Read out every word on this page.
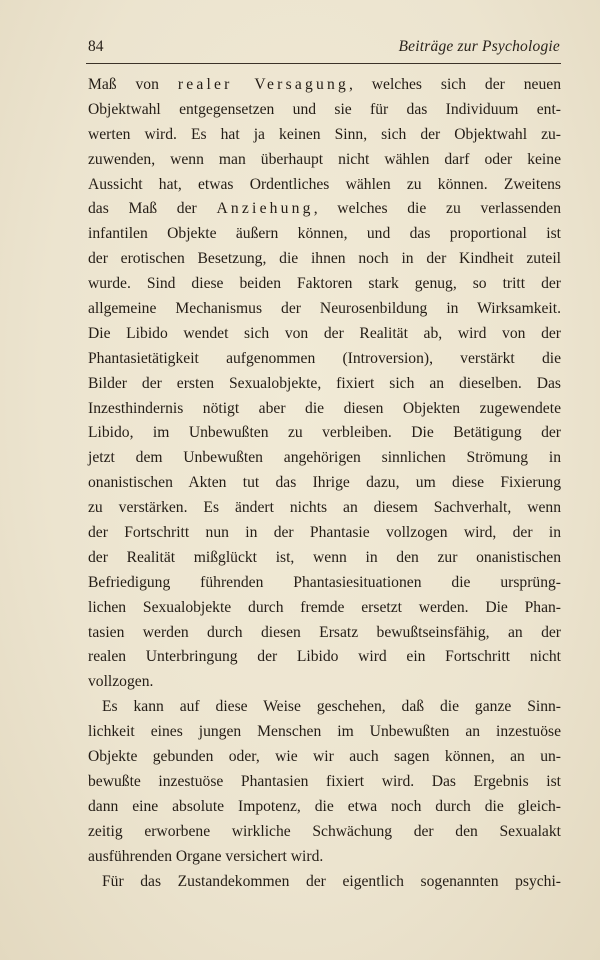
84	Beiträge zur Psychologie
Maß von realer Versagung, welches sich der neuen
Objektwahl entgegensetzen und sie für das Individuum ent-
werten wird. Es hat ja keinen Sinn, sich der Objektwahl zu-
zuwenden, wenn man überhaupt nicht wählen darf oder keine
Aussicht hat, etwas Ordentliches wählen zu können. Zweitens
das Maß der Anziehung, welches die zu verlassenden
infantilen Objekte äußern können, und das proportional ist
der erotischen Besetzung, die ihnen noch in der Kindheit zuteil
wurde. Sind diese beiden Faktoren stark genug, so tritt der
allgemeine Mechanismus der Neurosenbildung in Wirksamkeit.
Die Libido wendet sich von der Realität ab, wird von der
Phantasietätigkeit aufgenommen (Introversion), verstärkt die
Bilder der ersten Sexualobjekte, fixiert sich an dieselben. Das
Inzesthindernis nötigt aber die diesen Objekten zugewendete
Libido, im Unbewußten zu verbleiben. Die Betätigung der
jetzt dem Unbewußten angehörigen sinnlichen Strömung in
onanistischen Akten tut das Ihrige dazu, um diese Fixierung
zu verstärken. Es ändert nichts an diesem Sachverhalt, wenn
der Fortschritt nun in der Phantasie vollzogen wird, der in
der Realität mißglückt ist, wenn in den zur onanistischen
Befriedigung führenden Phantasiesituationen die ursprüng-
lichen Sexualobjekte durch fremde ersetzt werden. Die Phan-
tasien werden durch diesen Ersatz bewußtseinsfähig, an der
realen Unterbringung der Libido wird ein Fortschritt nicht
vollzogen.
Es kann auf diese Weise geschehen, daß die ganze Sinn-
lichkeit eines jungen Menschen im Unbewußten an inzestuöse
Objekte gebunden oder, wie wir auch sagen können, an un-
bewußte inzestuöse Phantasien fixiert wird. Das Ergebnis ist
dann eine absolute Impotenz, die etwa noch durch die gleich-
zeitig erworbene wirkliche Schwächung der den Sexualakt
ausführenden Organe versichert wird.
Für das Zustandekommen der eigentlich sogenannten psychi-
